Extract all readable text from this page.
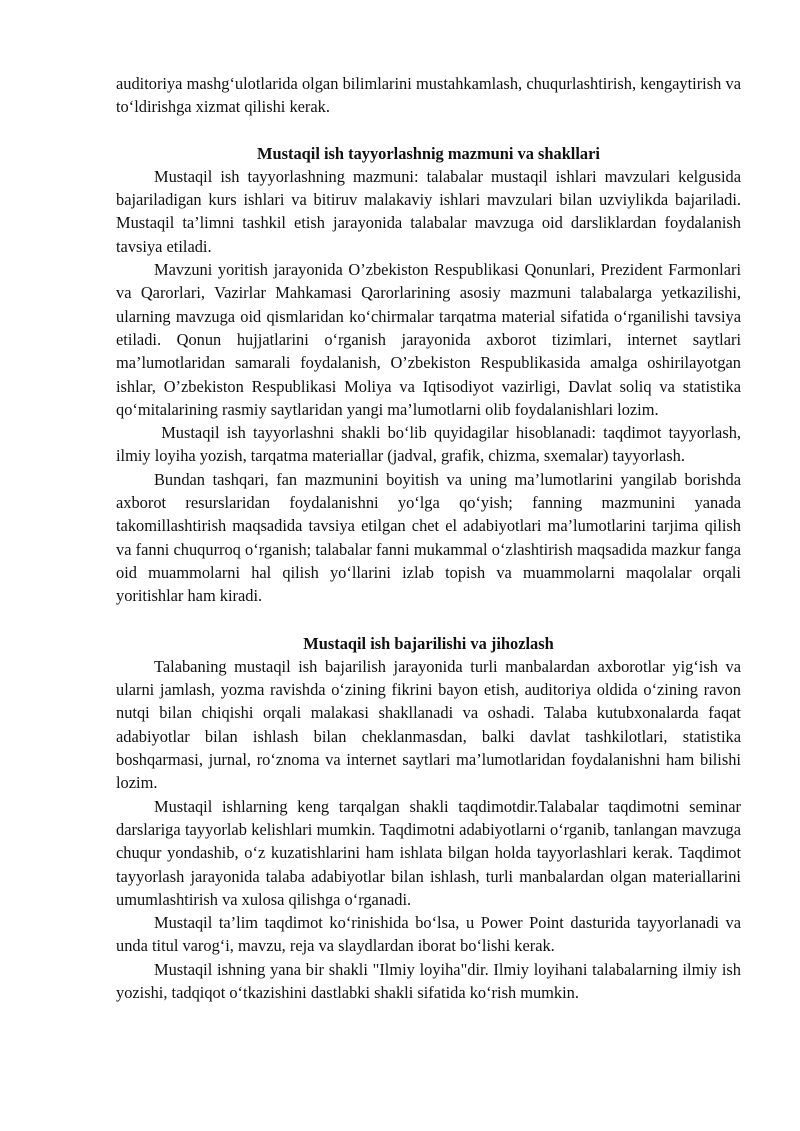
auditoriya mashg‘ulotlarida olgan bilimlarini mustahkamlash, chuqurlashtirish, kengaytirish va to‘ldirishga xizmat qilishi kerak.

Mustaqil ish tayyorlashnig mazmuni va shakllari

Mustaqil ish tayyorlashning mazmuni: talabalar mustaqil ishlari mavzulari kelgusida bajariladigan kurs ishlari va bitiruv malakaviy ishlari mavzulari bilan uzviylikda bajariladi. Mustaqil ta’limni tashkil etish jarayonida talabalar mavzuga oid darsliklardan foydalanish tavsiya etiladi.

Mavzuni yoritish jarayonida O’zbekiston Respublikasi Qonunlari, Prezident Farmonlari va Qarorlari, Vazirlar Mahkamasi Qarorlarining asosiy mazmuni talabalarga yetkazilishi, ularning mavzuga oid qismlaridan ko‘chirmalar tarqatma material sifatida o‘rganilishi tavsiya etiladi. Qonun hujjatlarini o‘rganish jarayonida axborot tizimlari, internet saytlari ma’lumotlaridan samarali foydalanish, O’zbekiston Respublikasida amalga oshirilayotgan ishlar, O’zbekiston Respublikasi Moliya va Iqtisodiyot vazirligi, Davlat soliq va statistika qo‘mitalarining rasmiy saytlaridan yangi ma’lumotlarni olib foydalanishlari lozim.

Mustaqil ish tayyorlashni shakli bo‘lib quyidagilar hisoblanadi: taqdimot tayyorlash, ilmiy loyiha yozish, tarqatma materiallar (jadval, grafik, chizma, sxemalar) tayyorlash.

Bundan tashqari, fan mazmunini boyitish va uning ma’lumotlarini yangilab borishda axborot resurslaridan foydalanishni yo‘lga qo‘yish; fanning mazmunini yanada takomillashtirish maqsadida tavsiya etilgan chet el adabiyotlari ma’lumotlarini tarjima qilish va fanni chuqurroq o‘rganish; talabalar fanni mukammal o‘zlashtirish maqsadida mazkur fanga oid muammolarni hal qilish yo‘llarini izlab topish va muammolarni maqolalar orqali yoritishlar ham kiradi.

Mustaqil ish bajarilishi va jihozlash

Talabaning mustaqil ish bajarilish jarayonida turli manbalardan axborotlar yig‘ish va ularni jamlash, yozma ravishda o‘zining fikrini bayon etish, auditoriya oldida o‘zining ravon nutqi bilan chiqishi orqali malakasi shakllanadi va oshadi. Talaba kutubxonalarda faqat adabiyotlar bilan ishlash bilan cheklanmasdan, balki davlat tashkilotlari, statistika boshqarmasi, jurnal, ro‘znoma va internet saytlari ma’lumotlaridan foydalanishni ham bilishi lozim.

Mustaqil ishlarning keng tarqalgan shakli taqdimotdir.Talabalar taqdimotni seminar darslariga tayyorlab kelishlari mumkin. Taqdimotni adabiyotlarni o‘rganib, tanlangan mavzuga chuqur yondashib, o‘z kuzatishlarini ham ishlata bilgan holda tayyorlashlari kerak. Taqdimot tayyorlash jarayonida talaba adabiyotlar bilan ishlash, turli manbalardan olgan materiallarini umumlashtirish va xulosa qilishga o‘rganadi.

Mustaqil ta’lim taqdimot ko‘rinishida bo‘lsa, u Power Point dasturida tayyorlanadi va unda titul varog‘i, mavzu, reja va slaydlardan iborat bo‘lishi kerak.

Mustaqil ishning yana bir shakli "Ilmiy loyiha"dir. Ilmiy loyihani talabalarning ilmiy ish yozishi, tadqiqot o‘tkazishini dastlabki shakli sifatida ko‘rish mumkin.
